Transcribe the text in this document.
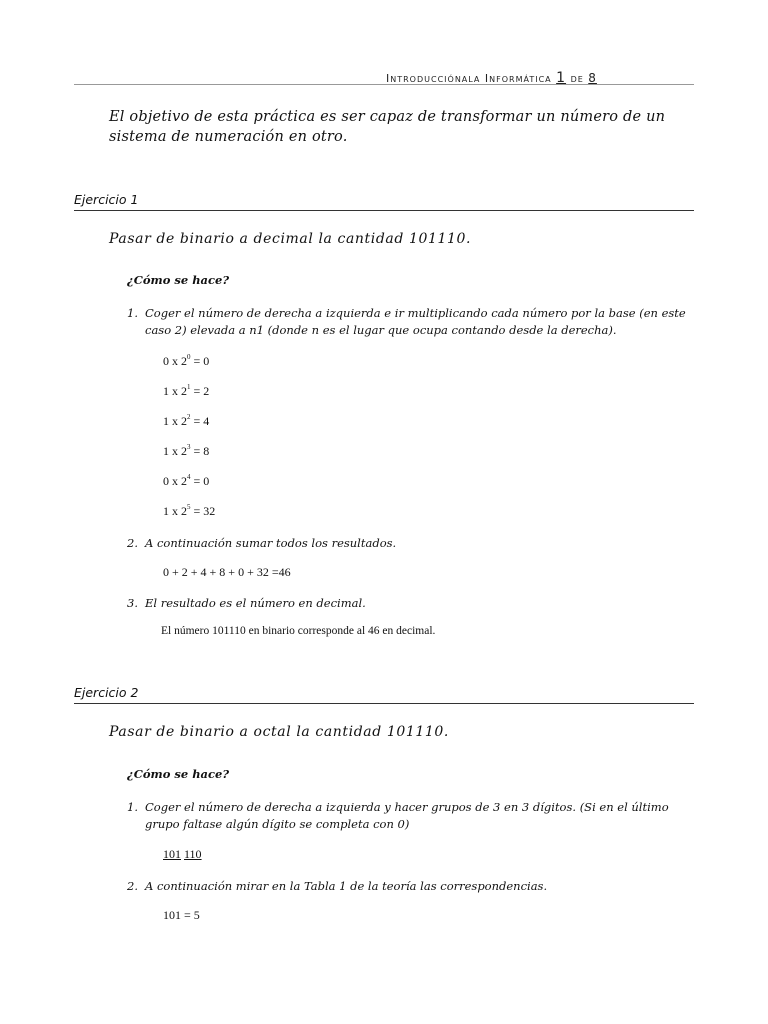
Introducciónala Informática 1 de 8
El objetivo de esta práctica es ser capaz de transformar un número de un sistema de numeración en otro.
Ejercicio 1
Pasar de binario a decimal la cantidad 101110.
¿Cómo se hace?
1. Coger el número de derecha a izquierda e ir multiplicando cada número por la base (en este caso 2) elevada a n1 (donde n es el lugar que ocupa contando desde la derecha).
0 x $2^0 = 0$
1 x $2^1 = 2$
1 x $2^2 = 4$
1 x $2^3 = 8$
0 x $2^4 = 0$
1 x $2^5 = 32$
2. A continuación sumar todos los resultados.
0 + 2 + 4 + 8 + 0 + 32 =46
3. El resultado es el número en decimal.
El número 101110 en binario corresponde al 46 en decimal.
Ejercicio 2
Pasar de binario a octal la cantidad 101110.
¿Cómo se hace?
1. Coger el número de derecha a izquierda y hacer grupos de 3 en 3 dígitos. (Si en el último grupo faltase algún dígito se completa con 0)
101 110
2. A continuación mirar en la Tabla 1 de la teoría las correspondencias.
101 = 5
